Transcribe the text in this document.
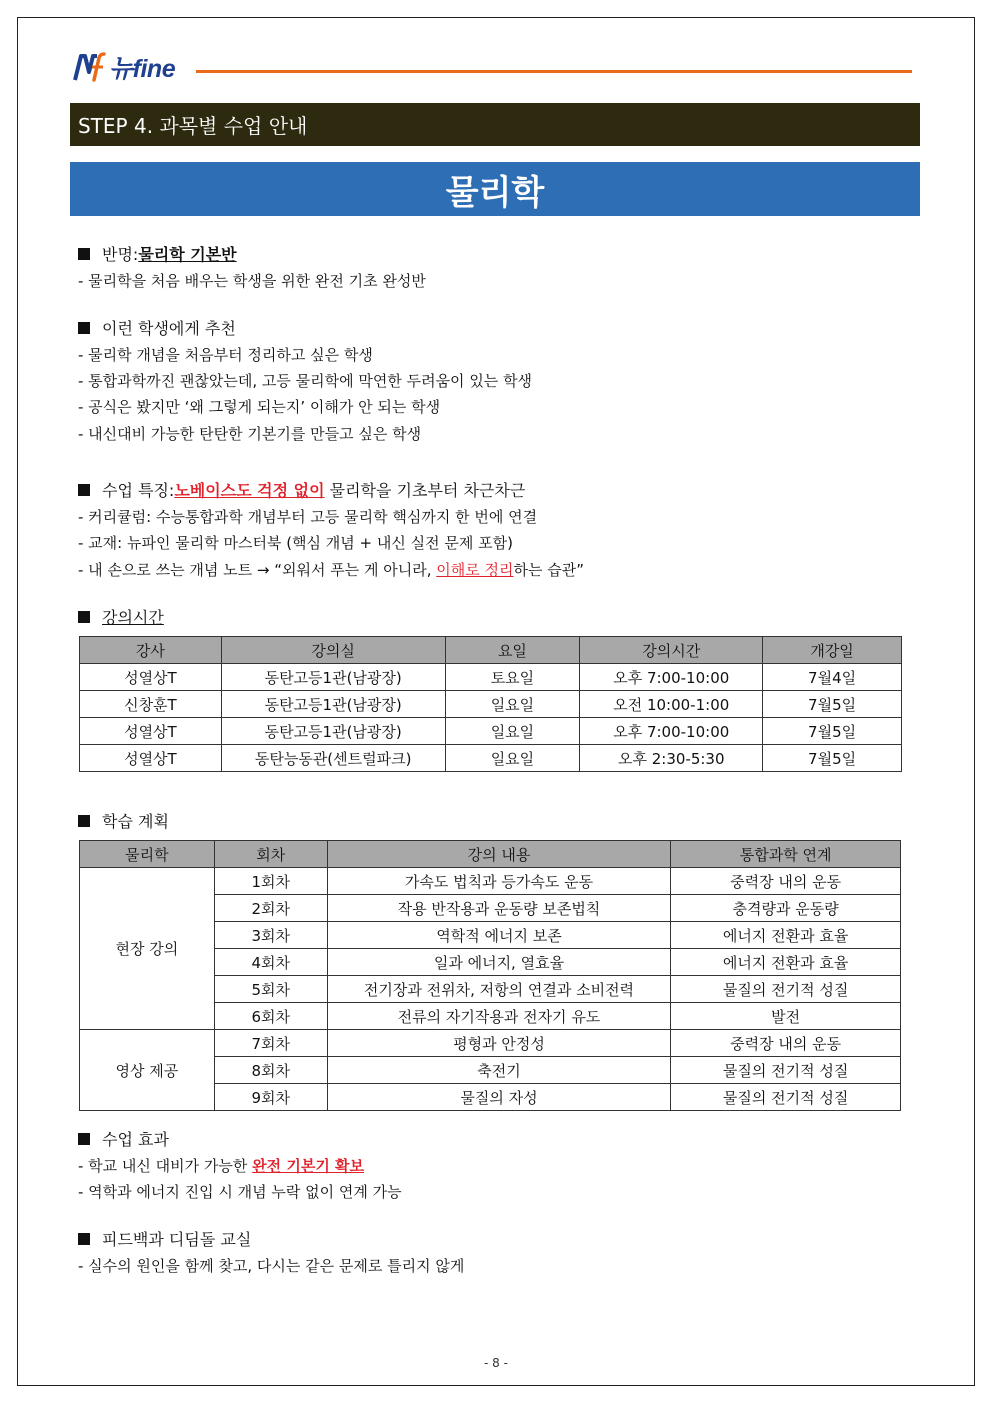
뉴fine
STEP 4. 과목별 수업 안내
물리학
반명: 물리학 기본반
- 물리학을 처음 배우는 학생을 위한 완전 기초 완성반
이런 학생에게 추천
- 물리학 개념을 처음부터 정리하고 싶은 학생
- 통합과학까진 괜찮았는데, 고등 물리학에 막연한 두려움이 있는 학생
- 공식은 봤지만 ‘왜 그렇게 되는지’ 이해가 안 되는 학생
- 내신대비 가능한 탄탄한 기본기를 만들고 싶은 학생
수업 특징: 노베이스도 걱정 없이 물리학을 기초부터 차근차근
- 커리큘럼: 수능통합과학 개념부터 고등 물리학 핵심까지 한 번에 연결
- 교재: 뉴파인 물리학 마스터북 (핵심 개념 + 내신 실전 문제 포함)
- 내 손으로 쓰는 개념 노트 → “외워서 푸는 게 아니라, 이해로 정리하는 습관”
강의시간
강사	강의실	요일	강의시간	개강일
성열상T	동탄고등1관(남광장)	토요일	오후 7:00-10:00	7월4일
신창훈T	동탄고등1관(남광장)	일요일	오전 10:00-1:00	7월5일
성열상T	동탄고등1관(남광장)	일요일	오후 7:00-10:00	7월5일
성열상T	동탄능동관(센트럴파크)	일요일	오후 2:30-5:30	7월5일
학습 계획
물리학	회차	강의 내용	통합과학 연계
현장 강의	1회차	가속도 법칙과 등가속도 운동	중력장 내의 운동
	2회차	작용 반작용과 운동량 보존법칙	충격량과 운동량
	3회차	역학적 에너지 보존	에너지 전환과 효율
	4회차	일과 에너지, 열효율	에너지 전환과 효율
	5회차	전기장과 전위차, 저항의 연결과 소비전력	물질의 전기적 성질
	6회차	전류의 자기작용과 전자기 유도	발전
영상 제공	7회차	평형과 안정성	중력장 내의 운동
	8회차	축전기	물질의 전기적 성질
	9회차	물질의 자성	물질의 전기적 성질
수업 효과
- 학교 내신 대비가 가능한 완전 기본기 확보
- 역학과 에너지 진입 시 개념 누락 없이 연계 가능
피드백과 디딤돌 교실
- 실수의 원인을 함께 찾고, 다시는 같은 문제로 틀리지 않게
- 8 -
